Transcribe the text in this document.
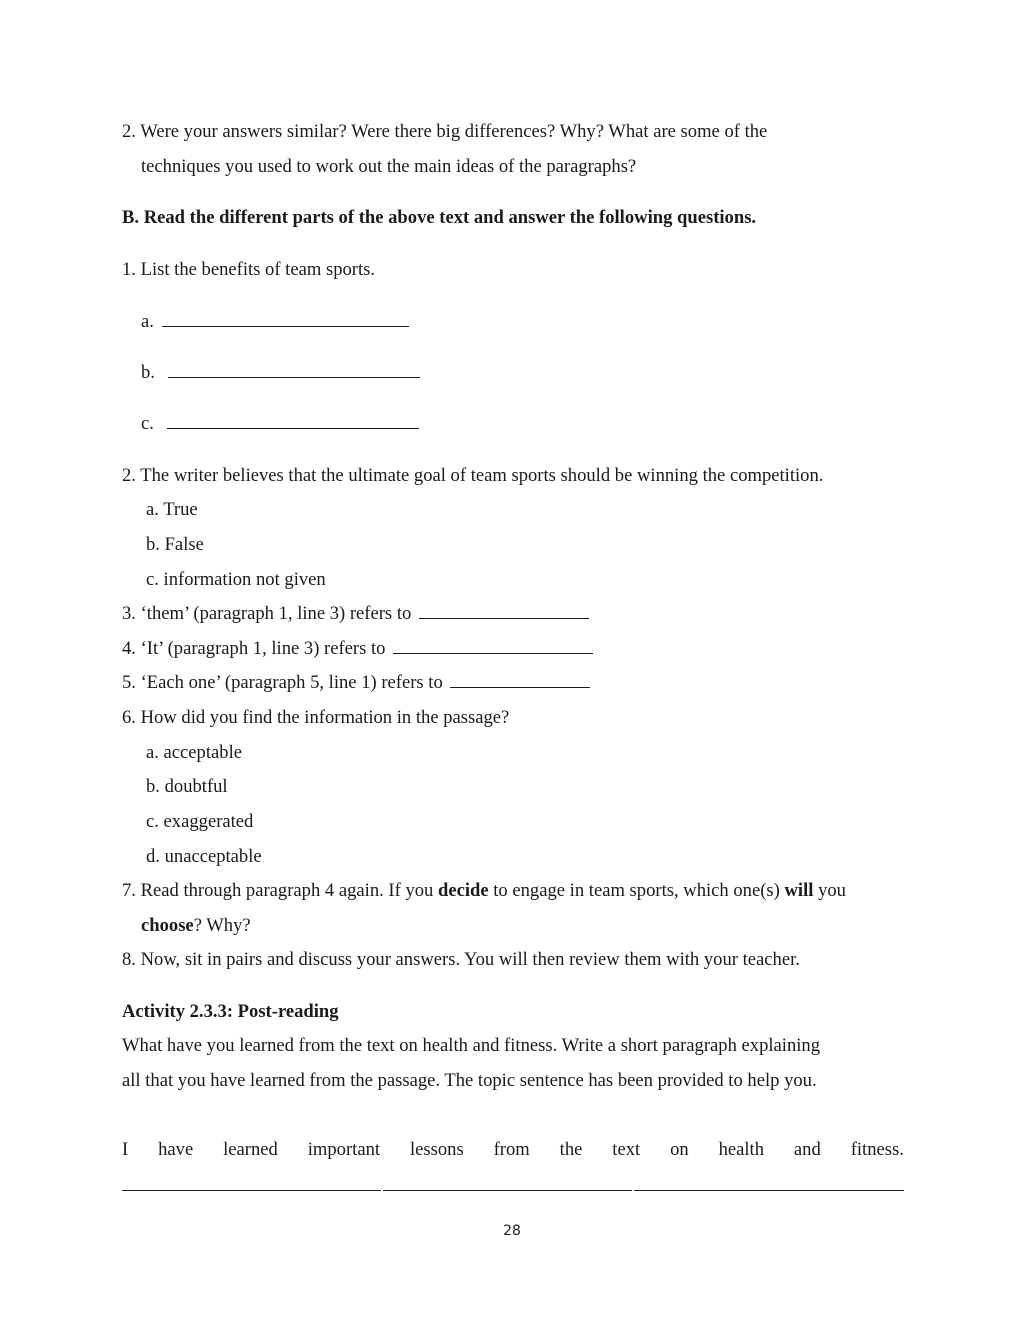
2. Were your answers similar? Were there big differences? Why? What are some of the
techniques you used to work out the main ideas of the paragraphs?
B. Read the different parts of the above text and answer the following questions.
1. List the benefits of team sports.
a.
b.
c.
2. The writer believes that the ultimate goal of team sports should be winning the competition.
a. True
b. False
c. information not given
3. ‘them’ (paragraph 1, line 3) refers to
4. ‘It’ (paragraph 1, line 3) refers to
5. ‘Each one’ (paragraph 5, line 1) refers to
6. How did you find the information in the passage?
a. acceptable
b. doubtful
c. exaggerated
d. unacceptable
7. Read through paragraph 4 again. If you decide to engage in team sports, which one(s) will you
choose? Why?
8. Now, sit in pairs and discuss your answers. You will then review them with your teacher.
Activity 2.3.3: Post-reading
What have you learned from the text on health and fitness. Write a short paragraph explaining
all that you have learned from the passage. The topic sentence has been provided to help you.
I have learned important lessons from the text on health and fitness.
28
